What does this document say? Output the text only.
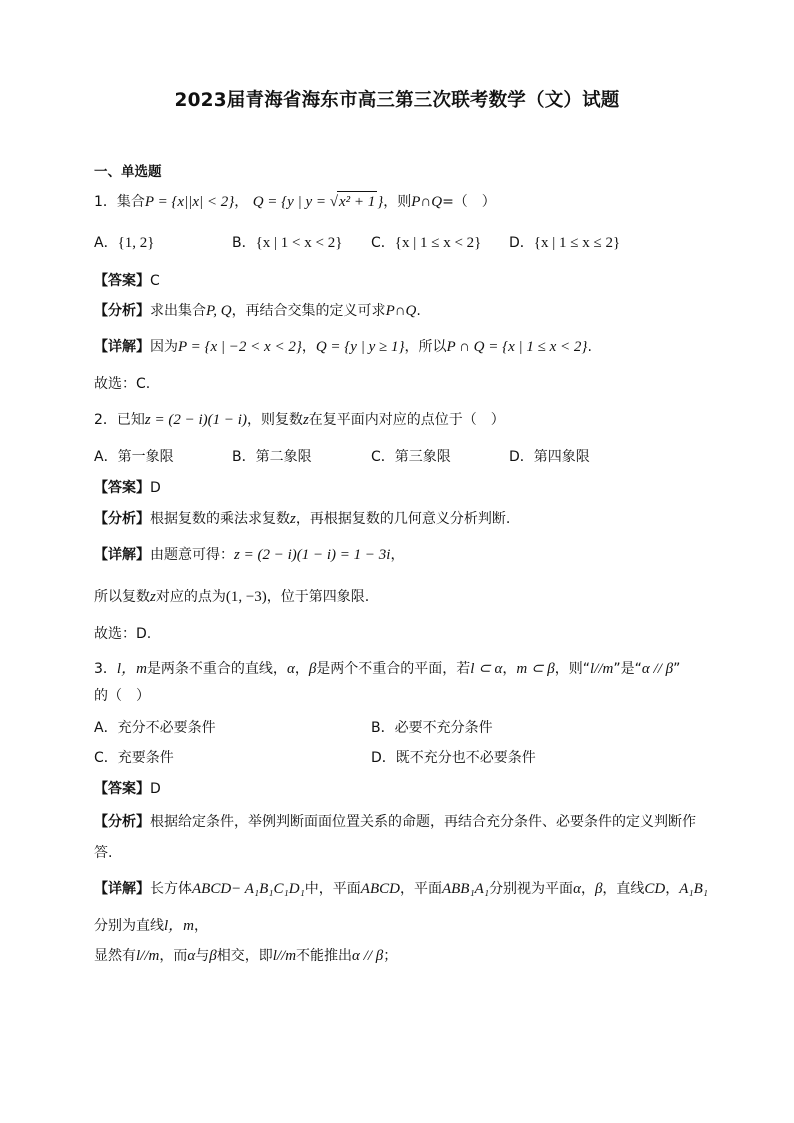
2023届青海省海东市高三第三次联考数学（文）试题
一、单选题
1．集合P = {x||x| < 2}， Q = {y | y = √x² + 1 }，则P∩Q=（　）
A．{1, 2}	B．{x | 1 < x < 2} C．{x | 1 ≤ x < 2} D．{x | 1 ≤ x ≤ 2}
【答案】C
【分析】求出集合P, Q，再结合交集的定义可求P∩Q.
【详解】因为P = {x | −2 < x < 2}，Q = {y | y ≥ 1}，所以P ∩ Q = {x | 1 ≤ x < 2}.
故选：C.
2．已知z = (2 − i)(1 − i)，则复数z在复平面内对应的点位于（　）
A．第一象限	B．第二象限	C．第三象限	D．第四象限
【答案】D
【分析】根据复数的乘法求复数z，再根据复数的几何意义分析判断.
【详解】由题意可得：z = (2 − i)(1 − i) = 1 − 3i，
所以复数z对应的点为(1, −3)，位于第四象限.
故选：D.
3．l，m是两条不重合的直线，α，β是两个不重合的平面，若l ⊂ α，m ⊂ β，则“l//m”是“α // β”
的（　）
A．充分不必要条件	B．必要不充分条件
C．充要条件	D．既不充分也不必要条件
【答案】D
【分析】根据给定条件，举例判断面面位置关系的命题，再结合充分条件、必要条件的定义判断作
答.
【详解】长方体ABCD− A₁B₁C₁D₁中，平面ABCD，平面ABB₁A₁分别视为平面α，β，直线CD，A₁B₁
分别为直线l，m，
显然有l//m，而α与β相交，即l//m不能推出α // β；
